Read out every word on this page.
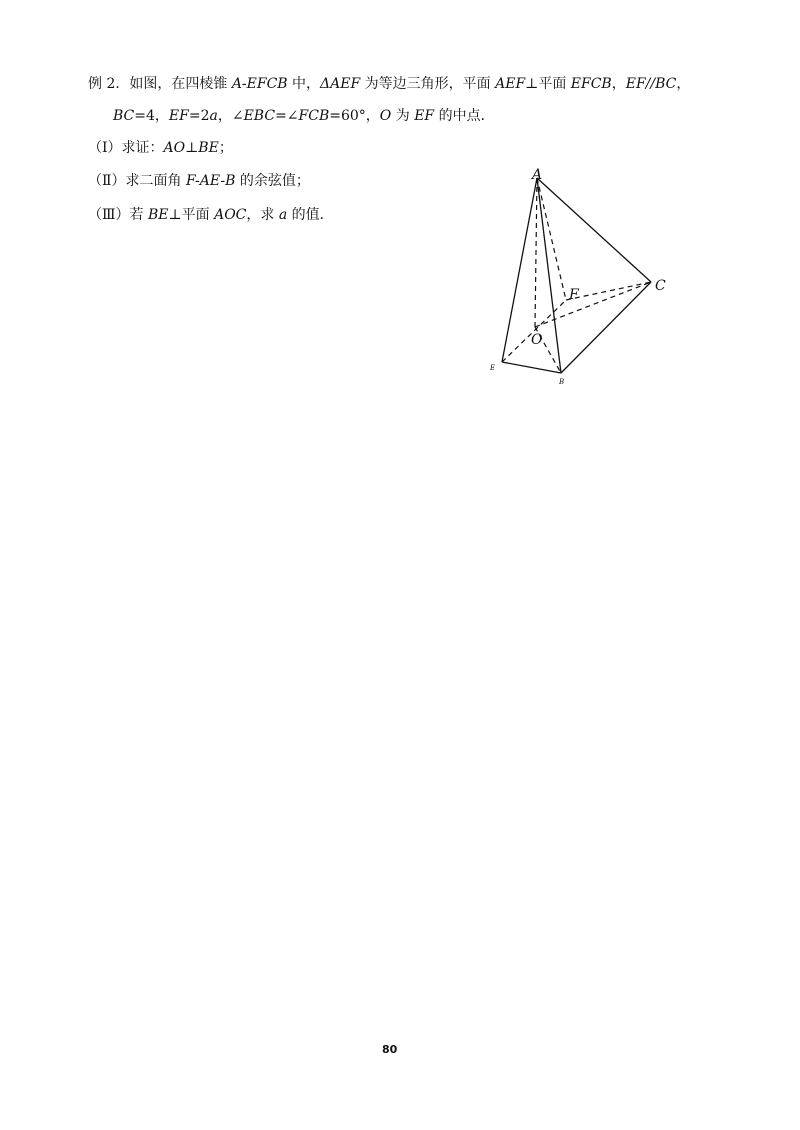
例 2．如图，在四棱锥 A-EFCB 中，ΔAEF 为等边三角形，平面 AEF⊥平面 EFCB，EF//BC，
BC=4，EF=2a，∠EBC=∠FCB=60°，O 为 EF 的中点．
（Ⅰ）求证：AO⊥BE；
（Ⅱ）求二面角 F-AE-B 的余弦值；
（Ⅲ）若 BE⊥平面 AOC，求 a 的值．
A
F
C
O
E
B
80
